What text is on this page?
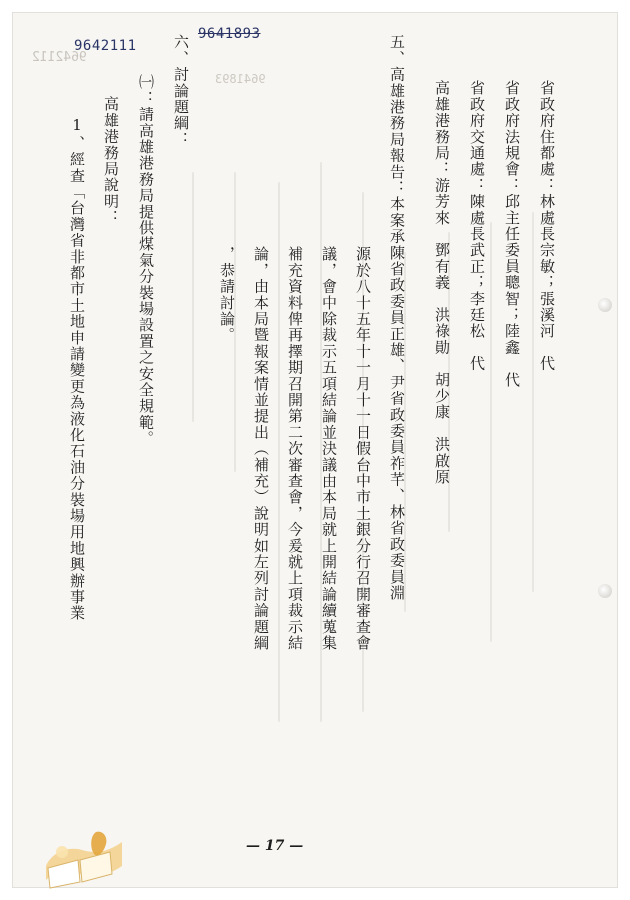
9642112
9641893
省政府住都處：林處長宗敏；張溪河　代
省政府法規會：邱主任委員聰智；陸鑫　代
省政府交通處：陳處長武正；李廷松　代
高雄港務局：游芳來　鄧有義　洪祿勛　胡少康　洪啟原
五、高雄港務局報告：本案承陳省政委員正雄、尹省政委員祚芊、林省政委員淵
源於八十五年十一月十一日假台中市土銀分行召開審查會
議，會中除裁示五項結論並決議由本局就上開結論續蒐集
補充資料俾再擇期召開第二次審查會，今爰就上項裁示結
論，由本局暨報案情並提出（補充）說明如左列討論題綱
，恭請討論。
六、討論題綱：
㈠：請高雄港務局提供煤氣分裝場設置之安全規範。
高雄港務局說明：
1、經查「台灣省非都市土地申請變更為液化石油分裝場用地興辦事業
9642111
9641893
— 17 —
